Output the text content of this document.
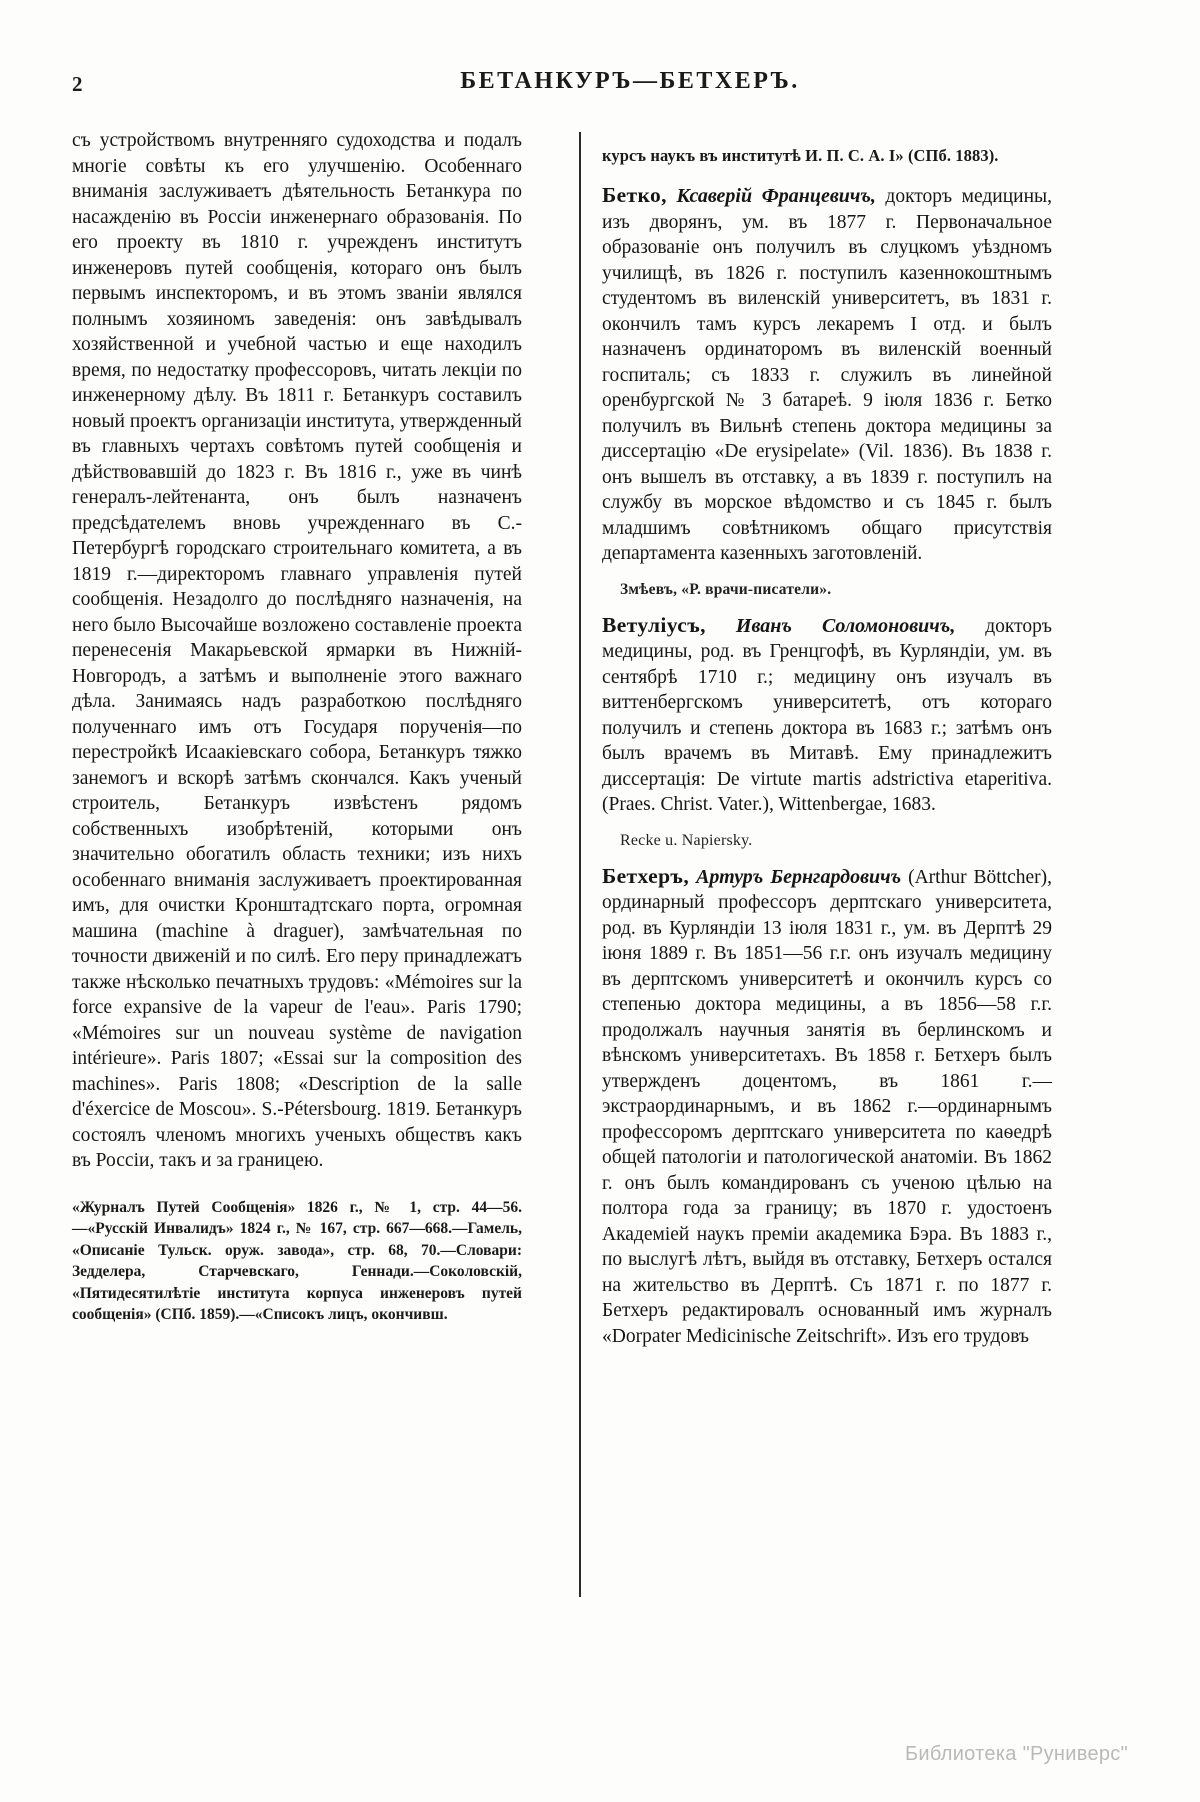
2	БЕТАНКУРЪ—БЕТХЕРЪ.

съ устройствомъ внутренняго судоходства и подалъ многіе совѣты къ его улучшенію. Особеннаго вниманія заслуживаетъ дѣятельность Бетанкура по насажденію въ Россіи инженернаго образованія. По его проекту въ 1810 г. учрежденъ институтъ инженеровъ путей сообщенія, котораго онъ былъ первымъ инспекторомъ, и въ этомъ званіи являлся полнымъ хозяиномъ заведенія: онъ завѣдывалъ хозяйственной и учебной частью и еще находилъ время, по недостатку профессоровъ, читать лекціи по инженерному дѣлу. Въ 1811 г. Бетанкуръ составилъ новый проектъ организаціи института, утвержденный въ главныхъ чертахъ совѣтомъ путей сообщенія и дѣйствовавшій до 1823 г. Въ 1816 г., уже въ чинѣ генералъ-лейтенанта, онъ былъ назначенъ предсѣдателемъ вновь учрежденнаго въ С.-Петербургѣ городскаго строительнаго комитета, а въ 1819 г.—директоромъ главнаго управленія путей сообщенія. Незадолго до послѣдняго назначенія, на него было Высочайше возложено составленіе проекта перенесенія Макарьевской ярмарки въ Нижній-Новгородъ, а затѣмъ и выполненіе этого важнаго дѣла. Занимаясь надъ разработкою послѣдняго полученнаго имъ отъ Государя порученія—по перестройкѣ Исаакіевскаго собора, Бетанкуръ тяжко занемогъ и вскорѣ затѣмъ скончался. Какъ ученый строитель, Бетанкуръ извѣстенъ рядомъ собственныхъ изобрѣтеній, которыми онъ значительно обогатилъ область техники; изъ нихъ особеннаго вниманія заслуживаетъ проектированная имъ, для очистки Кронштадтскаго порта, огромная машина (machine à draguer), замѣчательная по точности движеній и по силѣ. Его перу принадлежатъ также нѣсколько печатныхъ трудовъ: «Mémoires sur la force expansive de la vapeur de l'eau». Paris 1790; «Mémoires sur un nouveau système de navigation intérieure». Paris 1807; «Essai sur la composition des machines». Paris 1808; «Description de la salle d'éxercice de Moscou». S.-Pétersbourg. 1819. Бетанкуръ состоялъ членомъ многихъ ученыхъ обществъ какъ въ Россіи, такъ и за границею.

«Журналъ Путей Сообщенія» 1826 г., № 1, стр. 44—56.—«Русскій Инвалидъ» 1824 г., № 167, стр. 667—668.—Гамель, «Описаніе Тульск. оруж. завода», стр. 68, 70.—Словари: Зедделера, Старчевскаго, Геннади.—Соколовскій, «Пятидесятилѣтіе института корпуса инженеровъ путей сообщенія» (СПб. 1859).—«Списокъ лицъ, окончивш.

курсъ наукъ въ институтѣ И. П. С. А. I» (СПб. 1883).

Бетко, Ксаверій Францевичъ, докторъ медицины, изъ дворянъ, ум. въ 1877 г. Первоначальное образованіе онъ получилъ въ слуцкомъ уѣздномъ училищѣ, въ 1826 г. поступилъ казеннокоштнымъ студентомъ въ виленскій университетъ, въ 1831 г. окончилъ тамъ курсъ лекаремъ I отд. и былъ назначенъ ординаторомъ въ виленскій военный госпиталь; съ 1833 г. служилъ въ линейной оренбургской № 3 батареѣ. 9 іюля 1836 г. Бетко получилъ въ Вильнѣ степень доктора медицины за диссертацію «De erysipelate» (Vil. 1836). Въ 1838 г. онъ вышелъ въ отставку, а въ 1839 г. поступилъ на службу въ морское вѣдомство и съ 1845 г. былъ младшимъ совѣтникомъ общаго присутствія департамента казенныхъ заготовленій.
Змѣевъ, «Р. врачи-писатели».
Ветуліусъ, Иванъ Соломоновичъ, докторъ медицины, род. въ Гренцгофѣ, въ Курляндіи, ум. въ сентябрѣ 1710 г.; медицину онъ изучалъ въ виттенбергскомъ университетѣ, отъ котораго получилъ и степень доктора въ 1683 г.; затѣмъ онъ былъ врачемъ въ Митавѣ. Ему принадлежитъ диссертація: De virtute martis adstrictiva etaperitiva. (Praes. Christ. Vater.), Wittenbergae, 1683.
Recke u. Napiersky.
Бетхеръ, Артуръ Бернгардовичъ (Arthur Böttcher), ординарный профессоръ дерптскаго университета, род. въ Курляндіи 13 іюля 1831 г., ум. въ Дерптѣ 29 іюня 1889 г. Въ 1851—56 г.г. онъ изучалъ медицину въ дерптскомъ университетѣ и окончилъ курсъ со степенью доктора медицины, а въ 1856—58 г.г. продолжалъ научныя занятія въ берлинскомъ и вѣнскомъ университетахъ. Въ 1858 г. Бетхеръ былъ утвержденъ доцентомъ, въ 1861 г.—экстраординарнымъ, и въ 1862 г.—ординарнымъ профессоромъ дерптскаго университета по каѳедрѣ общей патологіи и патологической анатоміи. Въ 1862 г. онъ былъ командированъ съ ученою цѣлью на полтора года за границу; въ 1870 г. удостоенъ Академіей наукъ преміи академика Бэра. Въ 1883 г., по выслугѣ лѣтъ, выйдя въ отставку, Бетхеръ остался на жительство въ Дерптѣ. Съ 1871 г. по 1877 г. Бетхеръ редактировалъ основанный имъ журналъ «Dorpater Medicinische Zeitschrift». Изъ его трудовъ
Библиотека "Руниверс"
